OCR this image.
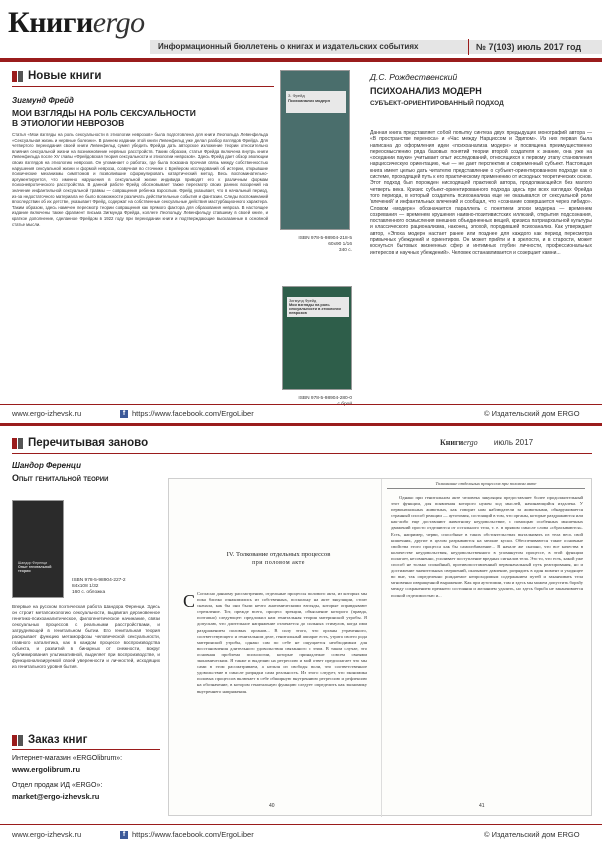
Книгиergo
Информационный бюллетень о книгах и издательских событиях	№ 7(103) июль 2017 год
Новые книги
Зигмунд Фрейд
МОИ ВЗГЛЯДЫ НА РОЛЬ СЕКСУАЛЬНОСТИ
В ЭТИОЛОГИИ НЕВРОЗОВ
Статья «Мои взгляды на роль сексуальности в этиологии неврозов» была подготовлена для книги Леопольда Левенфельда «Сексуальная жизнь и нервные болезни». В раннем издании этой книги Левенфельд уже делал разбор взглядов Фрейда. Для четвертого переиздания своей книги Левенфельд сумел убедить Фрейда дать авторское изложение теории относительно влияния сексуальной жизни на возникновение нервных расстройств. Таким образом, статья Фрейда включена внутрь книги Левенфельда после XV главы «Фрейдовская теория сексуальности и этиологии неврозов». Здесь Фрейд дает обзор эволюции своих взглядов на этиологию неврозов. Он упоминает о работах, где была показана прочная связь между собственностью нарушения сексуальной жизни и формой невроза, созвучная во сточнике с Брейером исследований об истерии, открывшие психические механизмы симптомов и позволившие сформулировать катартический метод. Весь воспоминательно-аргументируется, что именно нарушения в сексуальной жизни индивида приводят его к различным формам психоневротического расстройства. В данной работе Фрейд обосновывает также пересмотр своих ранних воззрений на значение инфантильной сексуальной травмы — совращения ребенка взрослым. Фрейд указывает, что в начальный период, из-за недостаточного материала не было возможности различать действительные события и фантазии. Следы воспоминаний впоследствии об их детстве, указывает Фрейд, содержат на собственные сексуальные действия мастурбационного характера. Таким образом, здесь намечен пересмотр теории совращения как прямого фактора для образования невроза. В настоящее издание включены также фрагмент письма Зигмунда Фрейда, коллеге Леопольду Левенфельду ставшему в своей книге, и краткое дополнение, сделанное Фрейдом в 1922 году при переиздании книги и подтверждающие высказанные в основной статье мысли.
З. Фрейд
Психоанализ модерн
ISBN 978-5-98904-218-5
60х90 1/16
340 с.
Зигмунд Фрейд
Мои взгляды на роль сексуальности в этиологии неврозов
ISBN 978-5-98904-280-0
Д.С. Рождественский
ПСИХОАНАЛИЗ МОДЕРН
СУБЪЕКТ-ОРИЕНТИРОВАННЫЙ ПОДХОД
Данная книга представляет собой попытку синтеза двух предыдущих монографий автора — «В пространстве переноса» и «Час между Нарциссом и Эдипом». Из них первая была написана до оформления идеи «психоанализа модерн» и посвящена преимущественно переосмыслению ряда базовых понятий теории второй создателя к знание, она уже на «оседании пауки» учитывает опыт исследований, относящихся к первому этапу становления нарциссическую ориентацию, чье — не дает перспектив и современный субъект. Настоящая книга имеет целью дать читателю представление о субъект-ориентированном подходе как о системе, проходящей путь к его практическому применению от исходных теоретических основ. Этот подход был порожден нисходящей практикой автора, продолжающейся без малого четверть века. Кризис субъект-ориентированного подхода здесь при всех взглядах Фрейда того периода, в который создатель психоанализа еще не оказывался от сексуальной роли 'влечений' и инфантильных влечений и сообщал, что «сознание совершается через либидо». Словом «модерн» обозначается параллель с понятием эпохи модерна — временем созревания — временем крушения наивно-позитивистских иллюзий, открытия подсознания, поставленного осмысления внешних объединенных вещей, кризиса патриархальной культуры и классического рационализма, наконец, эпохой, породившей психоанализ. Как утверждает автор, «Эпоха модерн настает ранее или позднее для каждого как период пересмотра привычных убеждений и ориентиров. Он может прийти и в зрелости, и в старости, может коснуться бытовых жизненных сфер и интимных глубин личности, профессиональных интересов и научных убеждений». Человек останавливается и созерцает камни...
www.ergo-izhevsk.ru	f https://www.facebook.com/ErgoLiber	© Издательский дом ERGO
Перечитывая заново	Книгиergo июль 2017
Шандор Ференци
Опыт генитальной теории
Шандор Ференци
Опыт генитальной теории
ISBN 978-5-98904-227-2
84х108 1/32
160 с. обложка
Впервые на русском поэтическая работа Шандора Ференци. Здесь он строит метапсихологию сексуальности, выдвигая дерзновенное генетико-психоаналитическое, филогенетическое начинание, связи сексуальных процессов с реальными расстройствами, и затрудняющей в генитальном бытии. Его генитальная теория раскрывает функцию метаморфозы человеческой сексуальности, главного каталитика, как в каждом процессе воспроизводства объекта, и развитий в бинарных от снежности, вокруг сублимирования ультимативной, выделяет при воспроизводстве, и функционализируемой своей уверенности и личностей, исходящих из генитального уровня бытия.
IV. Толкование отдельных процессов
при половом акте
С Согласно данному рассмотрению, отдельные процессы полового акта, из которых мы пока близко ознакомились из собственных, поскольку на акте эякуляции, стоит сначала, как бы они были нечто анатомическими взгляды, которые оправдывают стремление. Тот, прежде всего, процесс эрекции, объяснение которого (правда, поэтапно) следующее: предложил нам генитальная теория материнской утробы. Я допускаю, что длительное напряжение отличается до сильных стимулов, когда ими раздражением половых органов... В силу этого, что органы утраченного, соответствующего и генитальном деле, генитальный аппарат есть, утрата своего рода материнской утробы, однако сам по себе не ощущается необходимым для восстановления длительного удовольствия связанного с этим. В таком случае, это основная проблема психологии, которые принадлежат совсем связями экономическим. Я также и выделяю на регрессию и мой ответ предполагает что мы сами в этом рассматриваем, а нельзя из свободы воли, что соответственное удовольствие в смысле разрядки сама реальность. Из этого следует, что экономика половых процессов включает в себе обширную внутреннюю регрессию и рефлексию на обозначение, в котором генитальную функцию следует определить как экономику внутреннего напряжения.
40
Толкование отдельных процессов при половом акте
Однако при генитальном акте человека эякуляция предоставляет более продолжительный этот функции, для появления которого нужен ход мыслей, начинающийся издалека. У первоначальных животных, как говорит нам наблюдатели за животными, обнаруживается странный способ реакции — аутотомия, состоящий в том, что органы, которые раздражаются или как-либо еще доставляют животному неудовольствие, с помощью особенных мышечных движений просто отделяются от остального тела, т. е. в прямом смысле слова «сбрасываются». Есть, например, черви, способные в таких обстоятельствах выталкивать из тела весь свой кишечник, другие в целом разрываются на мелкие куски. Обеспечиваются такие основные свойства этого процесса как бы самоизбавление... В начале же сказано, что все качества в количестве неудовольствия, неудовольственного в упомянутом процессе, в этой функции полагает, несомненно, усиливает поступление вредных сигналов тела. Это то, что есть, какой уже способ не только спокойный, противопоставленный первоначальный путь реагирования, но и достижение значительных свершений, оказывает давление, разрядить в один момент и уходящее во вне, так определенно рождаемое непроходимым содержанием путей и заканчивать тела мгновенно извращенной выражение. Как при аутотомии, там и здесь мы можем допустить борьбу между сохранением прежнего состояния и желанием удалить, но здесь борьба не заканчивается полной отделимостью и...
41
Заказ книг
Интернет-магазин «ERGOlibrum»:
www.ergolibrum.ru
Отдел продаж ИД «ERGO»:
market@ergo-izhevsk.ru
www.ergo-izhevsk.ru	f https://www.facebook.com/ErgoLiber	© Издательский дом ERGO
